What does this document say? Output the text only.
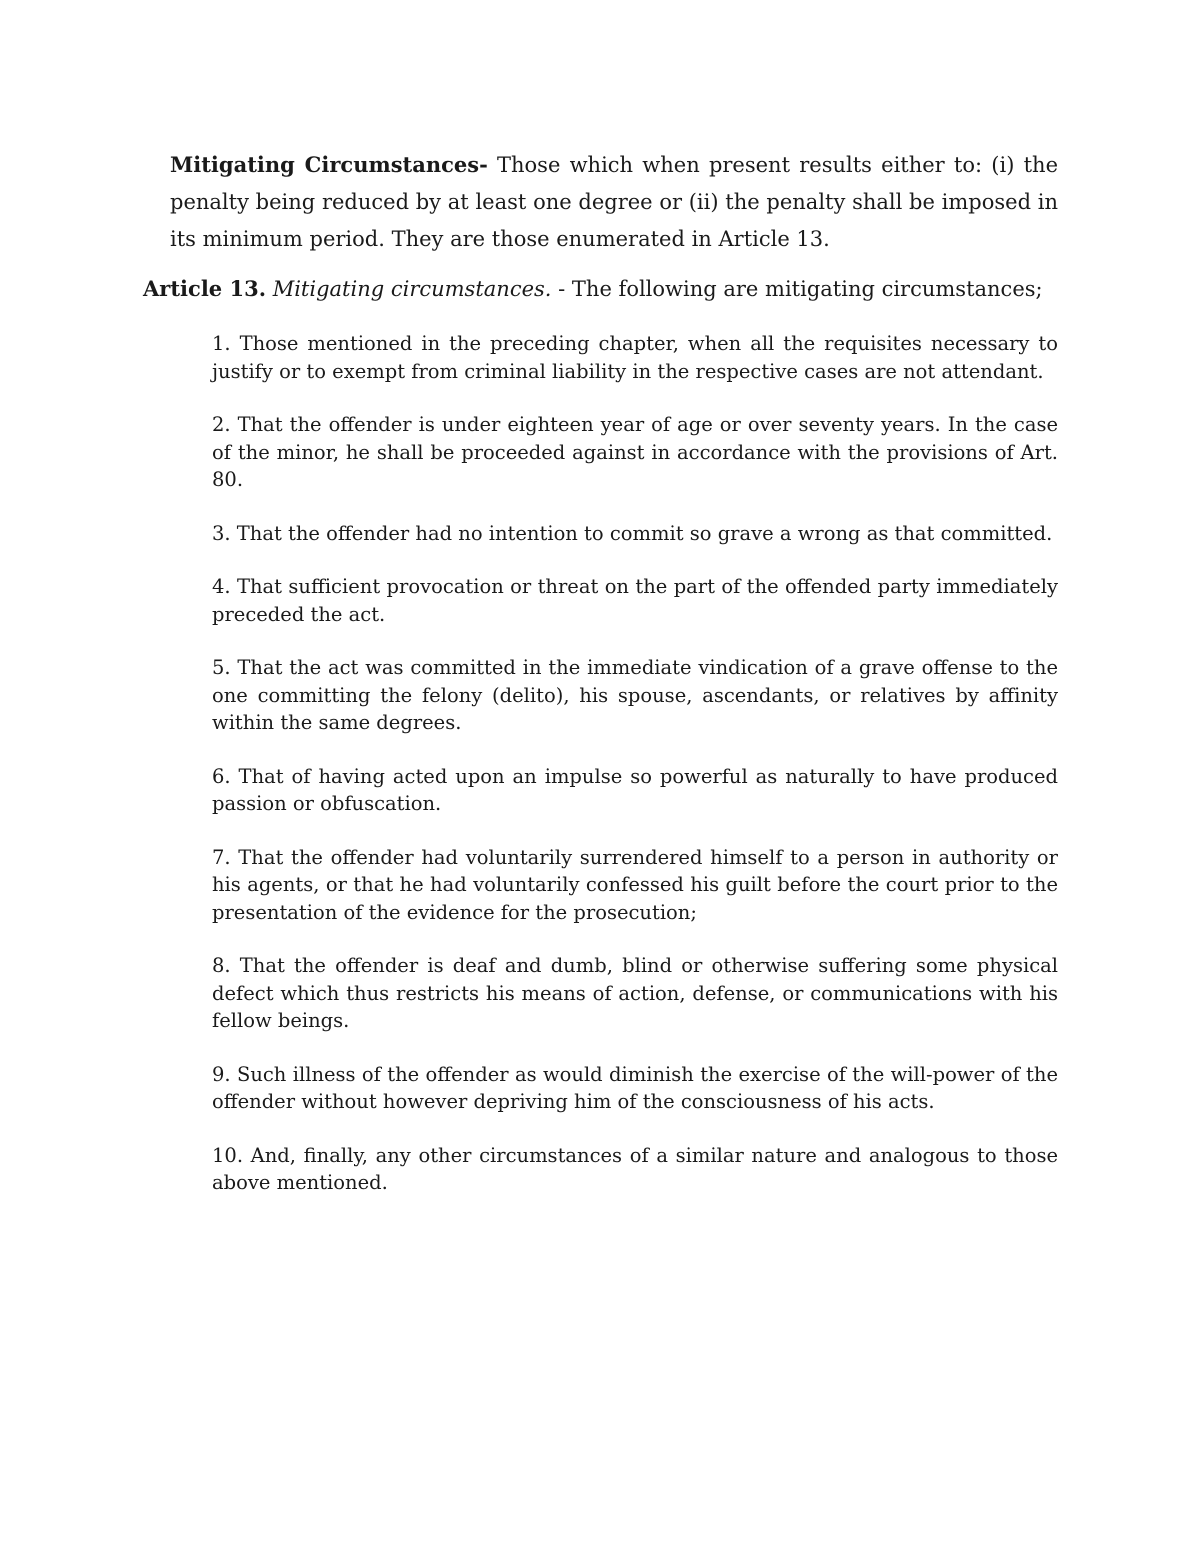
Mitigating Circumstances- Those which when present results either to: (i) the penalty being reduced by at least one degree or (ii) the penalty shall be imposed in its minimum period. They are those enumerated in Article 13.

Article 13. Mitigating circumstances. - The following are mitigating circumstances;

1. Those mentioned in the preceding chapter, when all the requisites necessary to justify or to exempt from criminal liability in the respective cases are not attendant.
2. That the offender is under eighteen year of age or over seventy years. In the case of the minor, he shall be proceeded against in accordance with the provisions of Art. 80.
3. That the offender had no intention to commit so grave a wrong as that committed.
4. That sufficient provocation or threat on the part of the offended party immediately preceded the act.
5. That the act was committed in the immediate vindication of a grave offense to the one committing the felony (delito), his spouse, ascendants, or relatives by affinity within the same degrees.
6. That of having acted upon an impulse so powerful as naturally to have produced passion or obfuscation.
7. That the offender had voluntarily surrendered himself to a person in authority or his agents, or that he had voluntarily confessed his guilt before the court prior to the presentation of the evidence for the prosecution;
8. That the offender is deaf and dumb, blind or otherwise suffering some physical defect which thus restricts his means of action, defense, or communications with his fellow beings.
9. Such illness of the offender as would diminish the exercise of the will-power of the offender without however depriving him of the consciousness of his acts.
10. And, finally, any other circumstances of a similar nature and analogous to those above mentioned.
